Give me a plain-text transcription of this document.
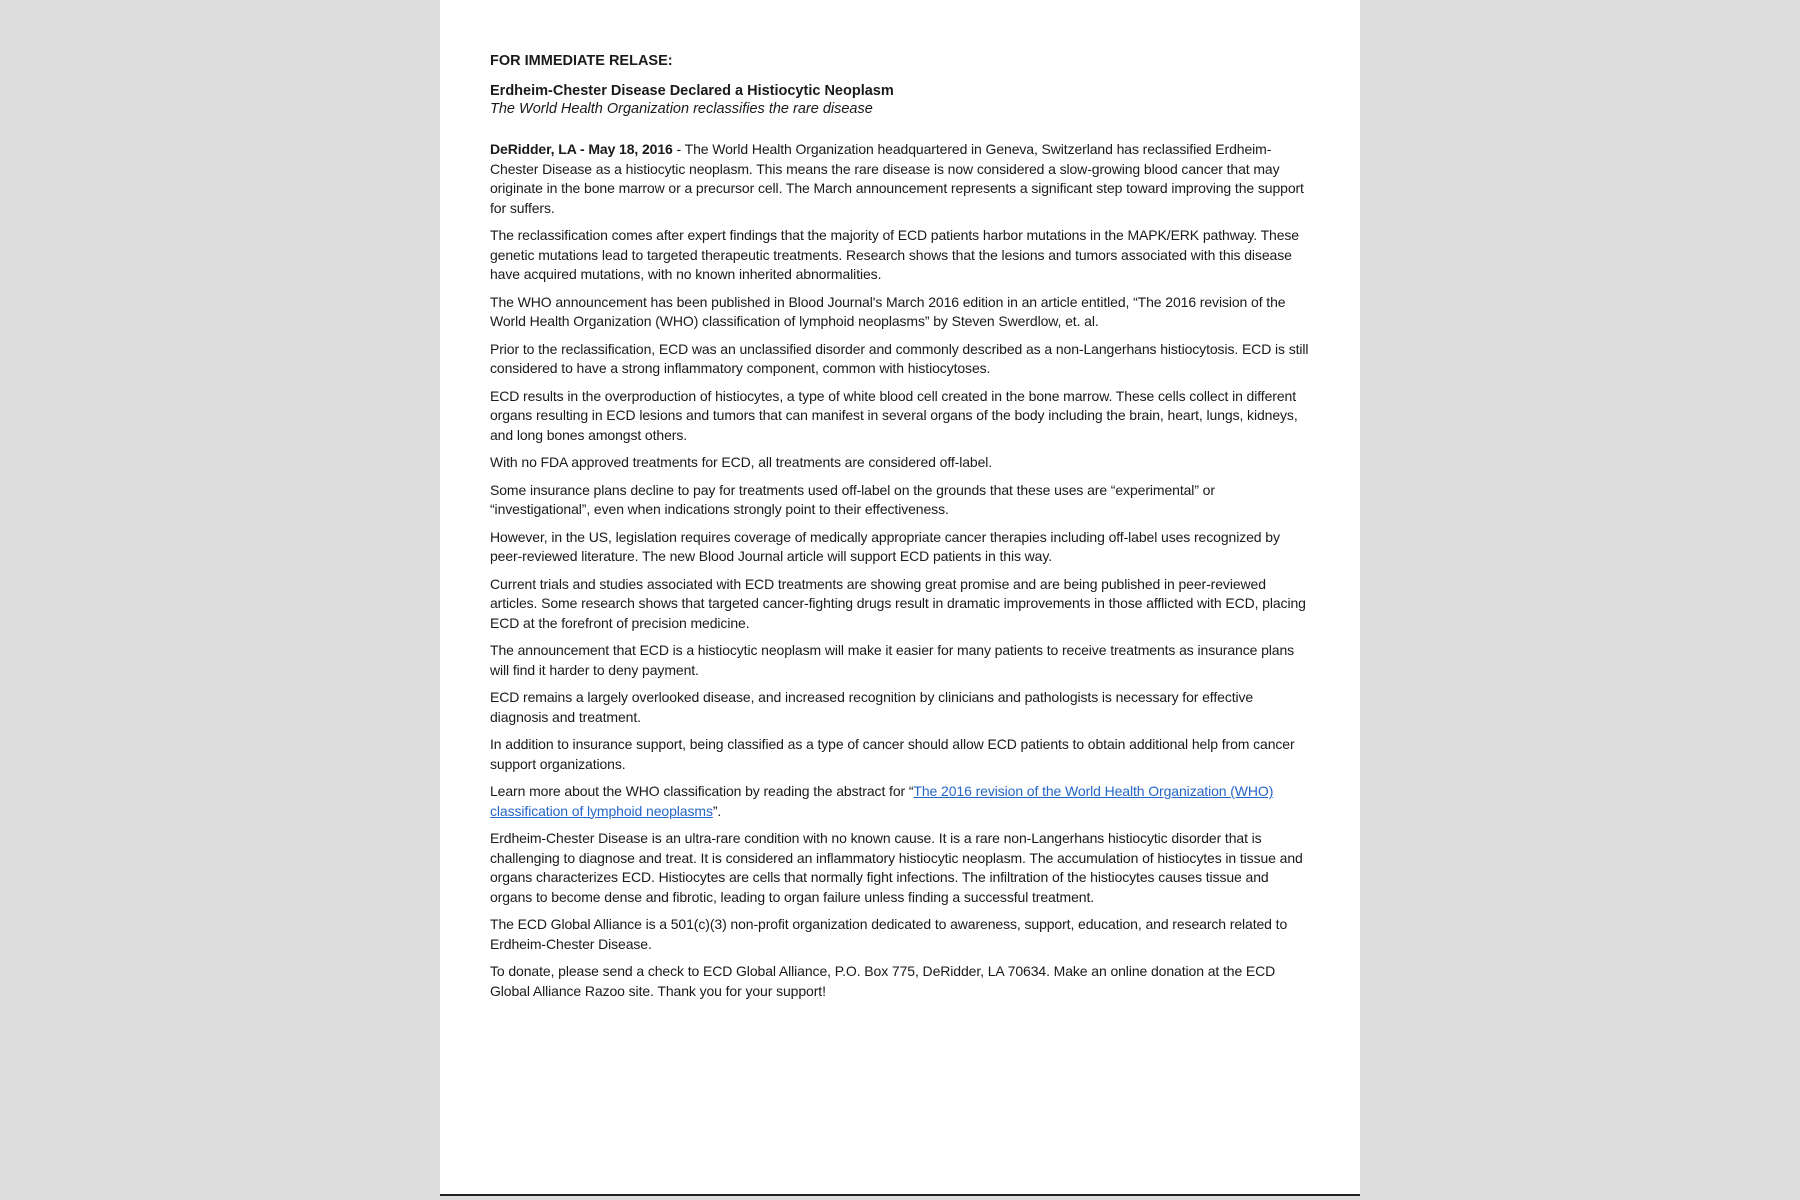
FOR IMMEDIATE RELASE:
Erdheim-Chester Disease Declared a Histiocytic Neoplasm
The World Health Organization reclassifies the rare disease

DeRidder, LA - May 18, 2016 - The World Health Organization headquartered in Geneva, Switzerland has reclassified Erdheim-Chester Disease as a histiocytic neoplasm. This means the rare disease is now considered a slow-growing blood cancer that may originate in the bone marrow or a precursor cell. The March announcement represents a significant step toward improving the support for suffers.

The reclassification comes after expert findings that the majority of ECD patients harbor mutations in the MAPK/ERK pathway. These genetic mutations lead to targeted therapeutic treatments. Research shows that the lesions and tumors associated with this disease have acquired mutations, with no known inherited abnormalities.

The WHO announcement has been published in Blood Journal's March 2016 edition in an article entitled, “The 2016 revision of the World Health Organization (WHO) classification of lymphoid neoplasms” by Steven Swerdlow, et. al.

Prior to the reclassification, ECD was an unclassified disorder and commonly described as a non-Langerhans histiocytosis. ECD is still considered to have a strong inflammatory component, common with histiocytoses.

ECD results in the overproduction of histiocytes, a type of white blood cell created in the bone marrow. These cells collect in different organs resulting in ECD lesions and tumors that can manifest in several organs of the body including the brain, heart, lungs, kidneys, and long bones amongst others.

With no FDA approved treatments for ECD, all treatments are considered off-label.

Some insurance plans decline to pay for treatments used off-label on the grounds that these uses are “experimental” or “investigational”, even when indications strongly point to their effectiveness.

However, in the US, legislation requires coverage of medically appropriate cancer therapies including off-label uses recognized by peer-reviewed literature. The new Blood Journal article will support ECD patients in this way.

Current trials and studies associated with ECD treatments are showing great promise and are being published in peer-reviewed articles. Some research shows that targeted cancer-fighting drugs result in dramatic improvements in those afflicted with ECD, placing ECD at the forefront of precision medicine.

The announcement that ECD is a histiocytic neoplasm will make it easier for many patients to receive treatments as insurance plans will find it harder to deny payment.

ECD remains a largely overlooked disease, and increased recognition by clinicians and pathologists is necessary for effective diagnosis and treatment.

In addition to insurance support, being classified as a type of cancer should allow ECD patients to obtain additional help from cancer support organizations.

Learn more about the WHO classification by reading the abstract for “The 2016 revision of the World Health Organization (WHO) classification of lymphoid neoplasms”.

Erdheim-Chester Disease is an ultra-rare condition with no known cause. It is a rare non-Langerhans histiocytic disorder that is challenging to diagnose and treat. It is considered an inflammatory histiocytic neoplasm. The accumulation of histiocytes in tissue and organs characterizes ECD. Histiocytes are cells that normally fight infections. The infiltration of the histiocytes causes tissue and organs to become dense and fibrotic, leading to organ failure unless finding a successful treatment.

The ECD Global Alliance is a 501(c)(3) non-profit organization dedicated to awareness, support, education, and research related to Erdheim-Chester Disease.

To donate, please send a check to ECD Global Alliance, P.O. Box 775, DeRidder, LA 70634. Make an online donation at the ECD Global Alliance Razoo site. Thank you for your support!
